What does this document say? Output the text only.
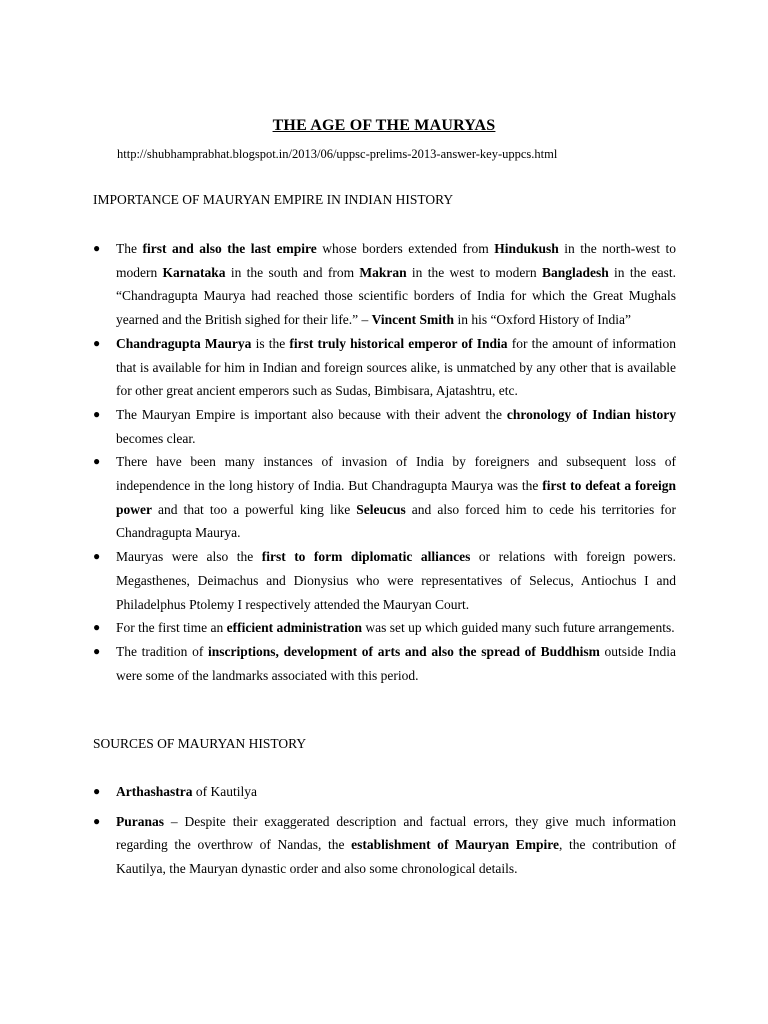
THE AGE OF THE MAURYAS
http://shubhamprabhat.blogspot.in/2013/06/uppsc-prelims-2013-answer-key-uppcs.html
IMPORTANCE OF MAURYAN EMPIRE IN INDIAN HISTORY
● The first and also the last empire whose borders extended from Hindukush in the north-west to modern Karnataka in the south and from Makran in the west to modern Bangladesh in the east. “Chandragupta Maurya had reached those scientific borders of India for which the Great Mughals yearned and the British sighed for their life.” – Vincent Smith in his “Oxford History of India”
● Chandragupta Maurya is the first truly historical emperor of India for the amount of information that is available for him in Indian and foreign sources alike, is unmatched by any other that is available for other great ancient emperors such as Sudas, Bimbisara, Ajatashtru, etc.
● The Mauryan Empire is important also because with their advent the chronology of Indian history becomes clear.
● There have been many instances of invasion of India by foreigners and subsequent loss of independence in the long history of India. But Chandragupta Maurya was the first to defeat a foreign power and that too a powerful king like Seleucus and also forced him to cede his territories for Chandragupta Maurya.
● Mauryas were also the first to form diplomatic alliances or relations with foreign powers. Megasthenes, Deimachus and Dionysius who were representatives of Selecus, Antiochus I and Philadelphus Ptolemy I respectively attended the Mauryan Court.
● For the first time an efficient administration was set up which guided many such future arrangements.
● The tradition of inscriptions, development of arts and also the spread of Buddhism outside India were some of the landmarks associated with this period.
SOURCES OF MAURYAN HISTORY
● Arthashastra of Kautilya
● Puranas – Despite their exaggerated description and factual errors, they give much information regarding the overthrow of Nandas, the establishment of Mauryan Empire, the contribution of Kautilya, the Mauryan dynastic order and also some chronological details.
